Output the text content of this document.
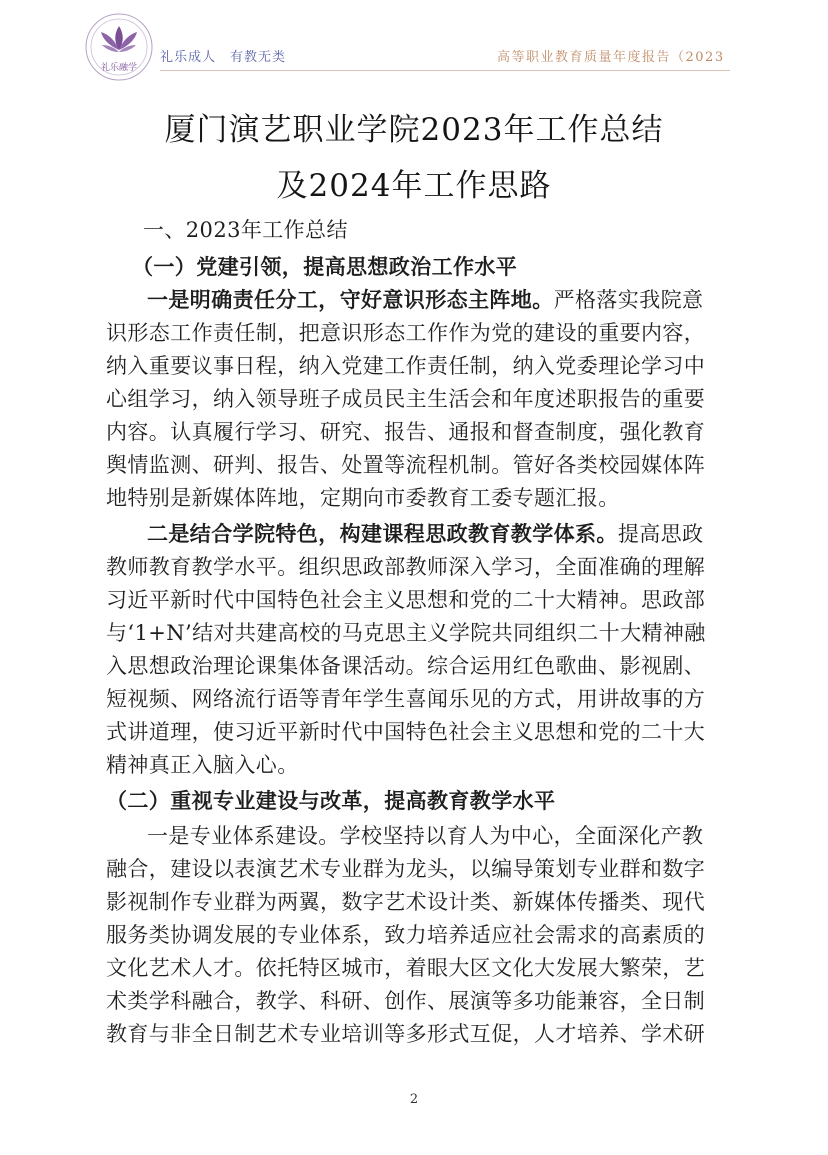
礼乐融学
礼乐成人　有教无类	高等职业教育质量年度报告（2023
厦门演艺职业学院2023年工作总结
及2024年工作思路
一、2023年工作总结
（一）党建引领，提高思想政治工作水平
一是明确责任分工，守好意识形态主阵地。严格落实我院意
识形态工作责任制，把意识形态工作作为党的建设的重要内容，
纳入重要议事日程，纳入党建工作责任制，纳入党委理论学习中
心组学习，纳入领导班子成员民主生活会和年度述职报告的重要
内容。认真履行学习、研究、报告、通报和督查制度，强化教育
舆情监测、研判、报告、处置等流程机制。管好各类校园媒体阵
地特别是新媒体阵地，定期向市委教育工委专题汇报。
二是结合学院特色，构建课程思政教育教学体系。提高思政
教师教育教学水平。组织思政部教师深入学习，全面准确的理解
习近平新时代中国特色社会主义思想和党的二十大精神。思政部
与‘1+N’结对共建高校的马克思主义学院共同组织二十大精神融
入思想政治理论课集体备课活动。综合运用红色歌曲、影视剧、
短视频、网络流行语等青年学生喜闻乐见的方式，用讲故事的方
式讲道理，使习近平新时代中国特色社会主义思想和党的二十大
精神真正入脑入心。
（二）重视专业建设与改革，提高教育教学水平
一是专业体系建设。学校坚持以育人为中心，全面深化产教
融合，建设以表演艺术专业群为龙头，以编导策划专业群和数字
影视制作专业群为两翼，数字艺术设计类、新媒体传播类、现代
服务类协调发展的专业体系，致力培养适应社会需求的高素质的
文化艺术人才。依托特区城市，着眼大区文化大发展大繁荣，艺
术类学科融合，教学、科研、创作、展演等多功能兼容，全日制
教育与非全日制艺术专业培训等多形式互促，人才培养、学术研
2
